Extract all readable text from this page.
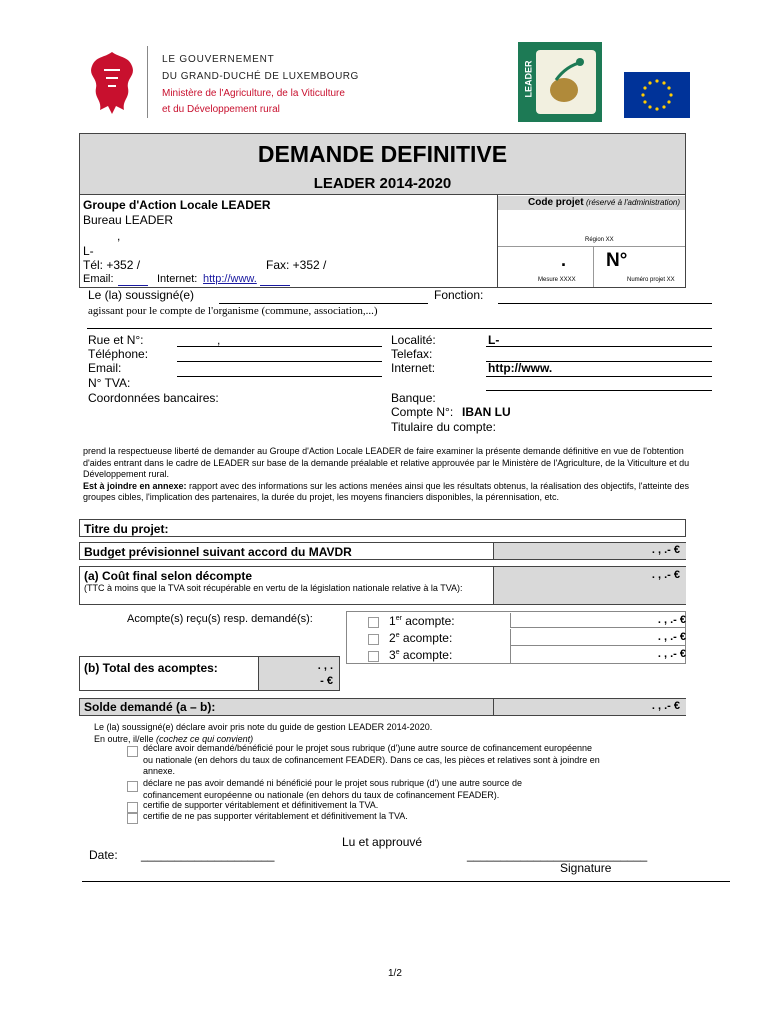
LE GOUVERNEMENT
DU GRAND-DUCHÉ DE LUXEMBOURG
Ministère de l'Agriculture, de la Viticulture
et du Développement rural
LEADER
DEMANDE DEFINITIVE
LEADER 2014-2020
Groupe d'Action Locale LEADER
Bureau LEADER
,
L-
Tél: +352 /	Fax: +352 /
Email:	Internet: http://www.
Code projet (réservé à l'administration)
Région XX
. N°
Mesure XXXX	Numéro projet XX
Le (la) soussigné(e)	Fonction:
agissant pour le compte de l'organisme (commune, association,...)
Rue et N°:	,
Téléphone:
Email:
N° TVA:
Coordonnées bancaires:
Localité:	L-
Telefax:
Internet:	http://www.
Banque:
Compte N°: IBAN LU
Titulaire du compte:
prend la respectueuse liberté de demander au Groupe d'Action Locale LEADER de faire examiner la présente demande définitive en vue de l'obtention d'aides entrant dans le cadre de LEADER sur base de la demande préalable et relative approuvée par le Ministère de l'Agriculture, de la Viticulture et du Développement rural.
Est à joindre en annexe: rapport avec des informations sur les actions menées ainsi que les résultats obtenus, la réalisation des objectifs, l'atteinte des groupes cibles, l'implication des partenaires, la durée du projet, les moyens financiers disponibles, la pérennisation, etc.
Titre du projet:
Budget prévisionnel suivant accord du MAVDR	. , .- €
(a) Coût final selon décompte
(TTC à moins que la TVA soit récupérable en vertu de la législation nationale relative à la TVA):
. , .- €
Acompte(s) reçu(s) resp. demandé(s):	1er acompte:	. , .- €
2e acompte:	. , .- €
3e acompte:	. , .- €
(b) Total des acomptes:	. , .
- €
Solde demandé (a – b):	. , .- €
Le (la) soussigné(e) déclare avoir pris note du guide de gestion LEADER 2014-2020.
En outre, il/elle (cochez ce qui convient)
déclare avoir demandé/bénéficié pour le projet sous rubrique (d')une autre source de cofinancement européenne ou nationale (en dehors du taux de cofinancement FEADER). Dans ce cas, les pièces et relatives sont à joindre en annexe.
déclare ne pas avoir demandé ni bénéficié pour le projet sous rubrique (d') une autre source de cofinancement européenne ou nationale (en dehors du taux de cofinancement FEADER).
certifie de supporter véritablement et définitivement la TVA.
certifie de ne pas supporter véritablement et définitivement la TVA.
Lu et approuvé
Date: ____________________	___________________________
Signature
1/2
